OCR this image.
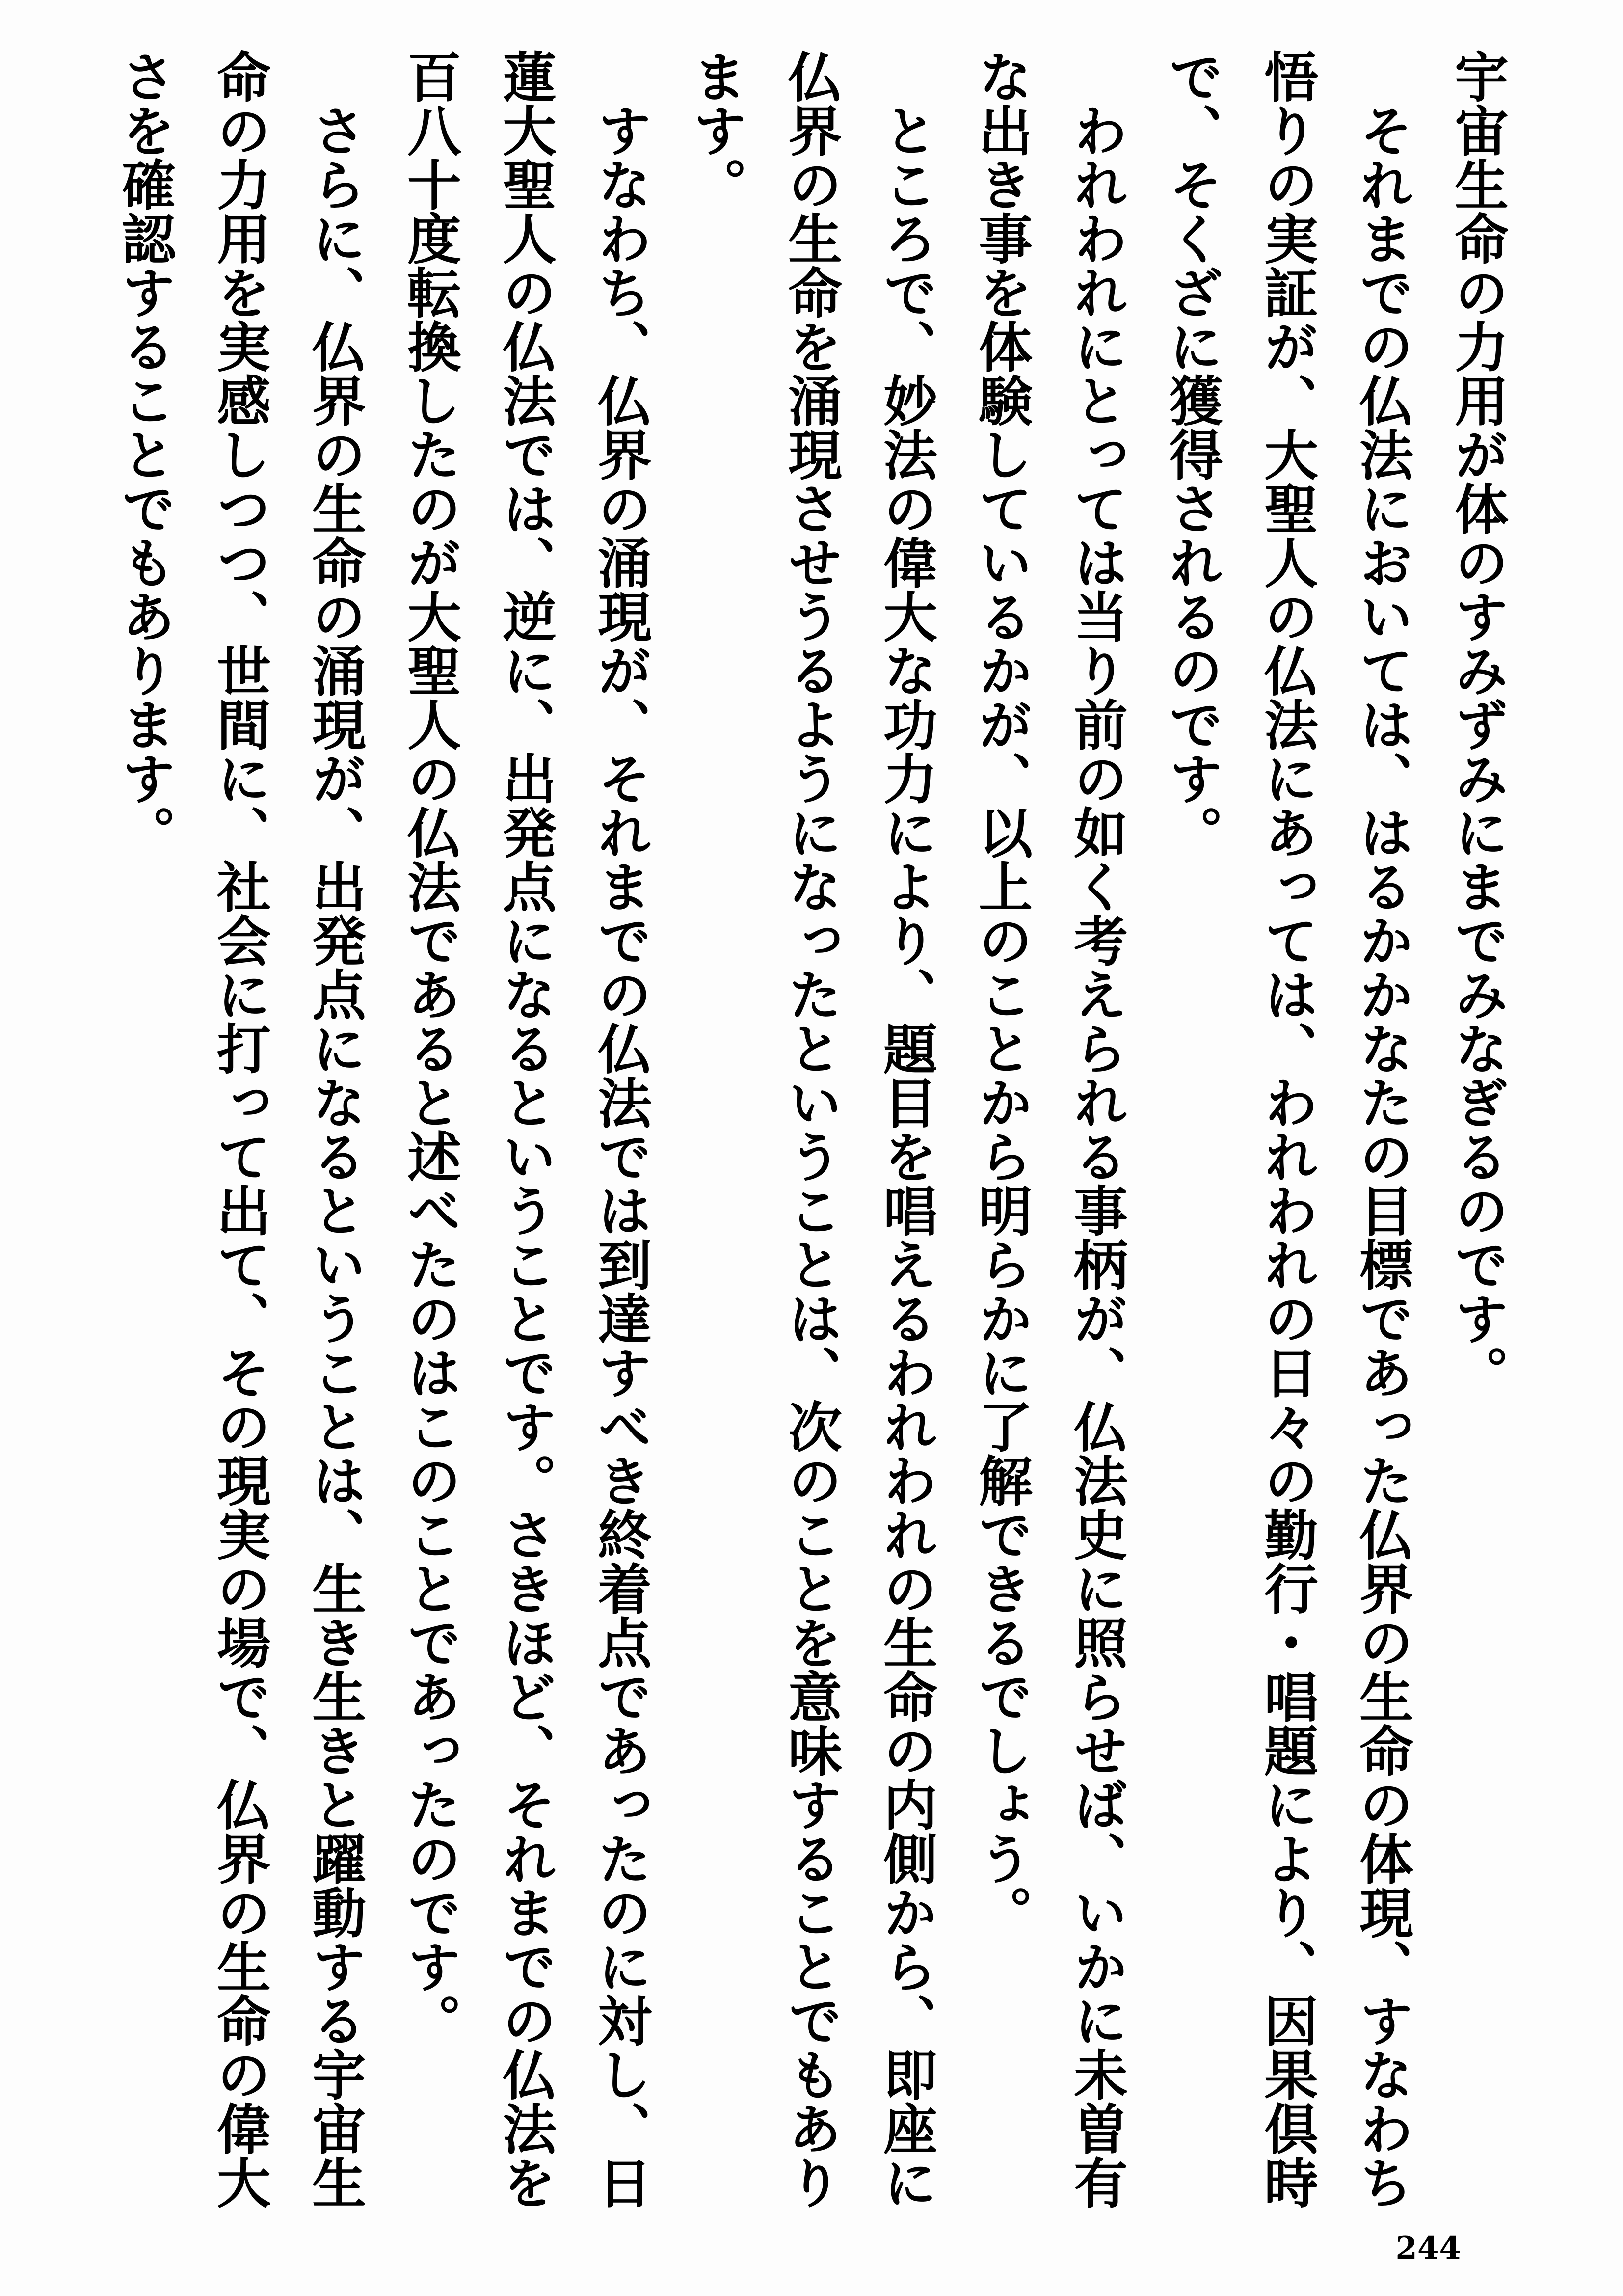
宇宙生命の力用が体のすみずみにまでみなぎるのです。

それまでの仏法においては、はるかかなたの目標であった仏界の生命の体現、すなわち悟りの実証が、大聖人の仏法にあっては、われわれの日々の勤行・唱題により、因果倶時で、そくざに獲得されるのです。

われわれにとっては当り前の如く考えられる事柄が、仏法史に照らせば、いかに未曽有な出き事を体験しているかが、以上のことから明らかに了解できるでしょう。

ところで、妙法の偉大な功力により、題目を唱えるわれわれの生命の内側から、即座に仏界の生命を涌現させうるようになったということは、次のことを意味することでもあります。

すなわち、仏界の涌現が、それまでの仏法では到達すべき終着点であったのに対し、日蓮大聖人の仏法では、逆に、出発点になるということです。さきほど、それまでの仏法を百八十度転換したのが大聖人の仏法であると述べたのはこのことであったのです。

さらに、仏界の生命の涌現が、出発点になるということは、生き生きと躍動する宇宙生命の力用を実感しつつ、世間に、社会に打って出て、その現実の場で、仏界の生命の偉大さを確認することでもあります。

244
